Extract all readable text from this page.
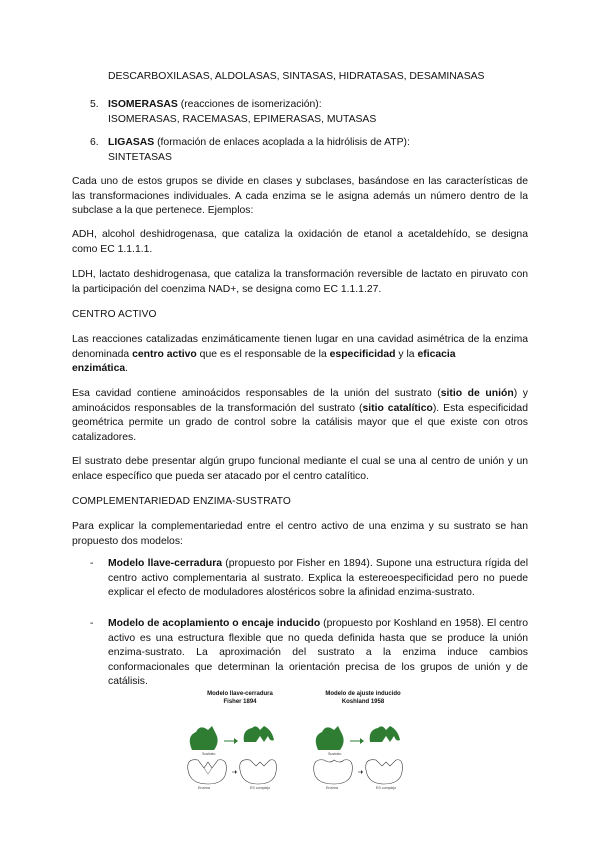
DESCARBOXILASAS, ALDOLASAS, SINTASAS, HIDRATASAS, DESAMINASAS

5. ISOMERASAS (reacciones de isomerización):
ISOMERASAS, RACEMASAS, EPIMERASAS, MUTASAS

6. LIGASAS (formación de enlaces acoplada a la hidrólisis de ATP):
SINTETASAS

Cada uno de estos grupos se divide en clases y subclases, basándose en las características de las transformaciones individuales. A cada enzima se le asigna además un número dentro de la subclase a la que pertenece. Ejemplos:

ADH, alcohol deshidrogenasa, que cataliza la oxidación de etanol a acetaldehído, se designa como EC 1.1.1.1.

LDH, lactato deshidrogenasa, que cataliza la transformación reversible de lactato en piruvato con la participación del coenzima NAD+, se designa como EC 1.1.1.27.

CENTRO ACTIVO

Las reacciones catalizadas enzimáticamente tienen lugar en una cavidad asimétrica de la enzima denominada centro activo que es el responsable de la especificidad y la eficacia
enzimática.

Esa cavidad contiene aminoácidos responsables de la unión del sustrato (sitio de unión) y aminoácidos responsables de la transformación del sustrato (sitio catalítico). Esta especificidad geométrica permite un grado de control sobre la catálisis mayor que el que existe con otros catalizadores.

El sustrato debe presentar algún grupo funcional mediante el cual se una al centro de unión y un enlace específico que pueda ser atacado por el centro catalítico.

COMPLEMENTARIEDAD ENZIMA-SUSTRATO

Para explicar la complementariedad entre el centro activo de una enzima y su sustrato se han propuesto dos modelos:

- Modelo llave-cerradura (propuesto por Fisher en 1894). Supone una estructura rígida del centro activo complementaria al sustrato. Explica la estereoespecificidad pero no puede explicar el efecto de moduladores alostéricos sobre la afinidad enzima-sustrato.

- Modelo de acoplamiento o encaje inducido (propuesto por Koshland en 1958). El centro activo es una estructura flexible que no queda definida hasta que se produce la unión enzima-sustrato. La aproximación del sustrato a la enzima induce cambios conformacionales que determinan la orientación precisa de los grupos de unión y de catálisis.

Modelo llave-cerradura
Fisher 1894
Modelo de ajuste inducido
Koshland 1958
Sustrato	Sustrato
Enzima	Enzima
ES complejo	ES complejo
